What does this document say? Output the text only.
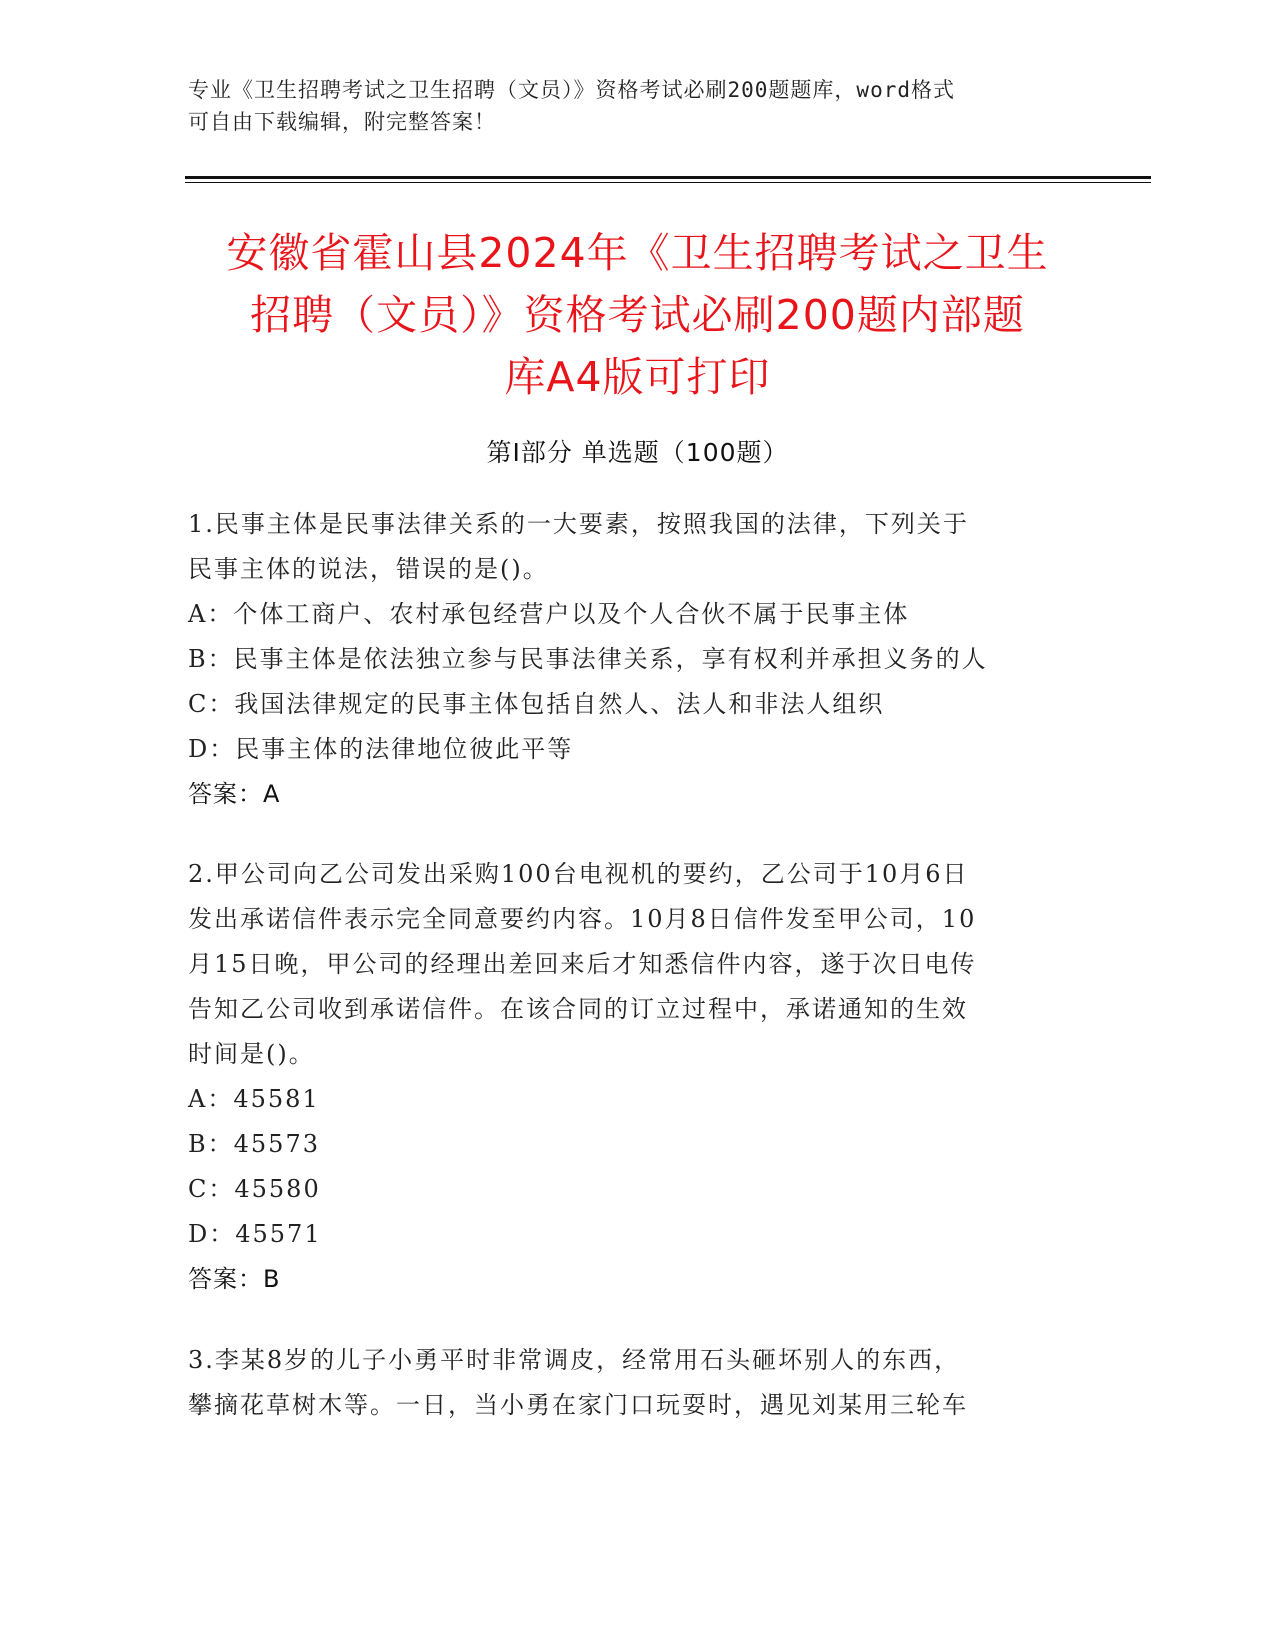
专业《卫生招聘考试之卫生招聘（文员）》资格考试必刷200题题库，word格式
可自由下载编辑，附完整答案！
安徽省霍山县2024年《卫生招聘考试之卫生
招聘（文员）》资格考试必刷200题内部题
库A4版可打印
第Ⅰ部分 单选题（100题）
1.民事主体是民事法律关系的一大要素，按照我国的法律，下列关于
民事主体的说法，错误的是()。
A：个体工商户、农村承包经营户以及个人合伙不属于民事主体
B：民事主体是依法独立参与民事法律关系，享有权利并承担义务的人
C：我国法律规定的民事主体包括自然人、法人和非法人组织
D：民事主体的法律地位彼此平等
答案：A
2.甲公司向乙公司发出采购100台电视机的要约，乙公司于10月6日
发出承诺信件表示完全同意要约内容。10月8日信件发至甲公司，10
月15日晚，甲公司的经理出差回来后才知悉信件内容，遂于次日电传
告知乙公司收到承诺信件。在该合同的订立过程中，承诺通知的生效
时间是()。
A：45581
B：45573
C：45580
D：45571
答案：B
3.李某8岁的儿子小勇平时非常调皮，经常用石头砸坏别人的东西，
攀摘花草树木等。一日，当小勇在家门口玩耍时，遇见刘某用三轮车
